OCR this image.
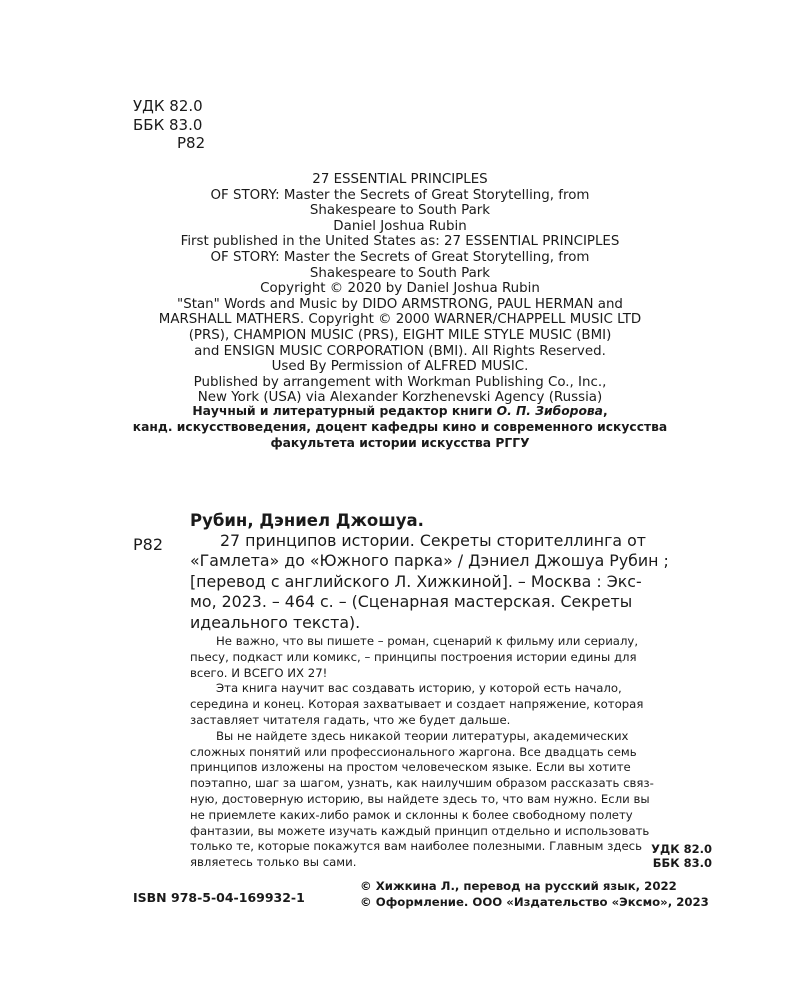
УДК 82.0
ББК 83.0
Р82
27 ESSENTIAL PRINCIPLES
OF STORY: Master the Secrets of Great Storytelling, from
Shakespeare to South Park
Daniel Joshua Rubin
First published in the United States as: 27 ESSENTIAL PRINCIPLES
OF STORY: Master the Secrets of Great Storytelling, from
Shakespeare to South Park
Copyright © 2020 by Daniel Joshua Rubin
"Stan" Words and Music by DIDO ARMSTRONG, PAUL HERMAN and
MARSHALL MATHERS. Copyright © 2000 WARNER/CHAPPELL MUSIC LTD
(PRS), CHAMPION MUSIC (PRS), EIGHT MILE STYLE MUSIC (BMI)
and ENSIGN MUSIC CORPORATION (BMI). All Rights Reserved.
Used By Permission of ALFRED MUSIC.
Published by arrangement with Workman Publishing Co., Inc.,
New York (USA) via Alexander Korzhenevski Agency (Russia)
Научный и литературный редактор книги О. П. Зиборова,
канд. искусствоведения, доцент кафедры кино и современного искусства
факультета истории искусства РГГУ
Рубин, Дэниел Джошуа.
Р82	27 принципов истории. Секреты сторителлинга от
«Гамлета» до «Южного парка» / Дэниел Джошуа Рубин ;
[перевод с английского Л. Хижкиной]. – Москва : Экс-
мо, 2023. – 464 с. – (Сценарная мастерская. Секреты
идеального текста).
Не важно, что вы пишете – роман, сценарий к фильму или сериалу,
пьесу, подкаст или комикс, – принципы построения истории едины для
всего. И ВСЕГО ИХ 27!
Эта книга научит вас создавать историю, у которой есть начало,
середина и конец. Которая захватывает и создает напряжение, которая
заставляет читателя гадать, что же будет дальше.
Вы не найдете здесь никакой теории литературы, академических
сложных понятий или профессионального жаргона. Все двадцать семь
принципов изложены на простом человеческом языке. Если вы хотите
поэтапно, шаг за шагом, узнать, как наилучшим образом рассказать связ-
ную, достоверную историю, вы найдете здесь то, что вам нужно. Если вы
не приемлете каких-либо рамок и склонны к более свободному полету
фантазии, вы можете изучать каждый принцип отдельно и использовать
только те, которые покажутся вам наиболее полезными. Главным здесь
являетесь только вы сами.
УДК 82.0
ББК 83.0
ISBN 978-5-04-169932-1
© Хижкина Л., перевод на русский язык, 2022
© Оформление. ООО «Издательство «Эксмо», 2023
